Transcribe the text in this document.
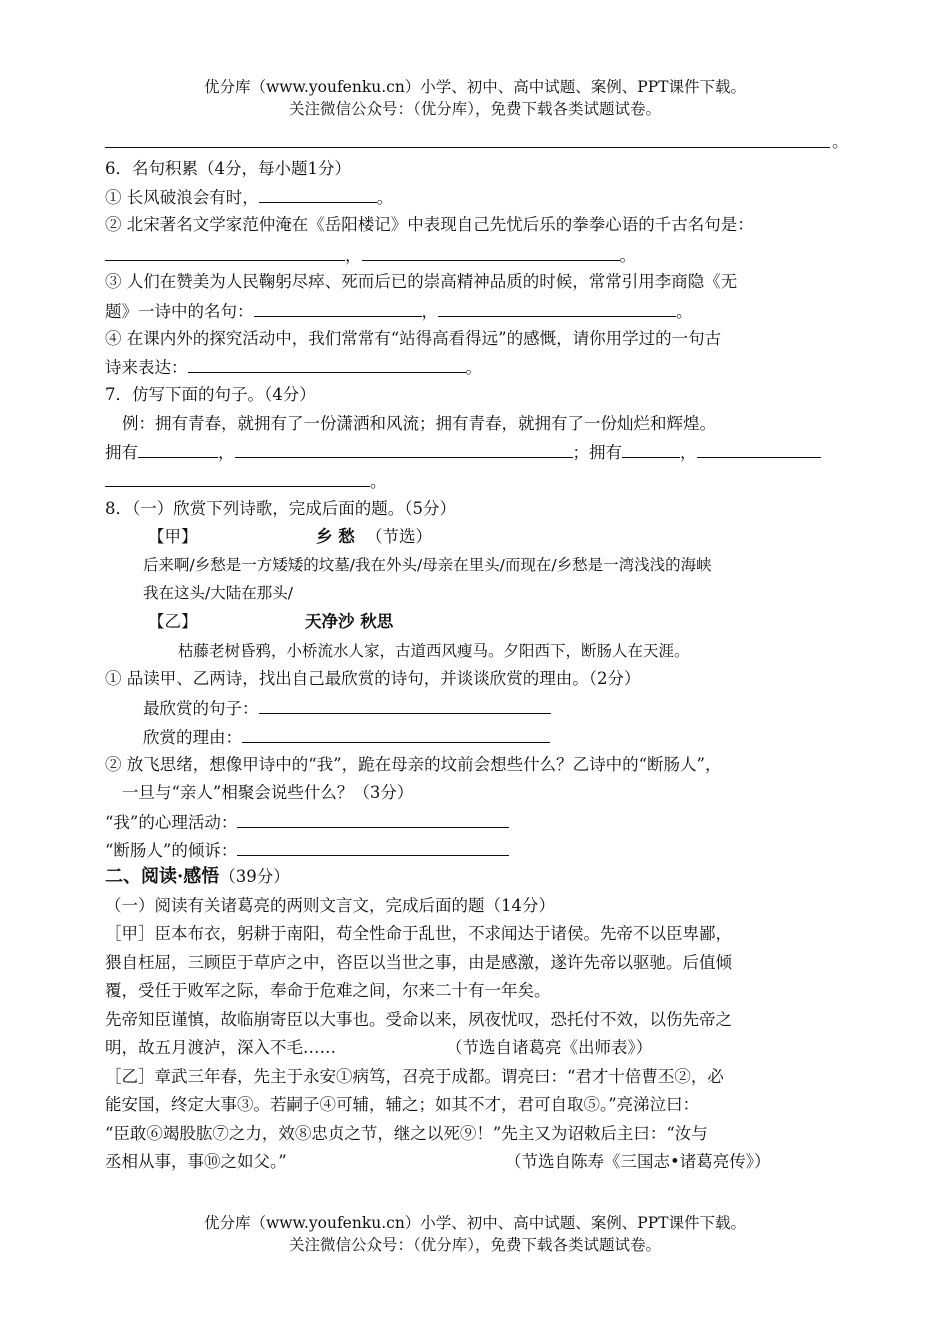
优分库（www.youfenku.cn）小学、初中、高中试题、案例、PPT课件下载。
关注微信公众号：（优分库），免费下载各类试题试卷。
。
6．名句积累（4分，每小题1分）
① 长风破浪会有时，	。
② 北宋著名文学家范仲淹在《岳阳楼记》中表现自己先忧后乐的拳拳心语的千古名句是：
，	。
③ 人们在赞美为人民鞠躬尽瘁、死而后已的崇高精神品质的时候，常常引用李商隐《无
题》一诗中的名句：	，	。
④ 在课内外的探究活动中，我们常常有“站得高看得远”的感慨，请你用学过的一句古
诗来表达：	。
7．仿写下面的句子。（4分）
例：拥有青春，就拥有了一份潇洒和风流；拥有青春，就拥有了一份灿烂和辉煌。
拥有	，	；拥有	，
。
8．（一）欣赏下列诗歌，完成后面的题。（5分）
【甲】	乡 愁 （节选）
后来啊/乡愁是一方矮矮的坟墓/我在外头/母亲在里头/而现在/乡愁是一湾浅浅的海峡
我在这头/大陆在那头/
【乙】	天净沙 秋思
枯藤老树昏鸦，小桥流水人家，古道西风瘦马。夕阳西下，断肠人在天涯。
① 品读甲、乙两诗，找出自己最欣赏的诗句，并谈谈欣赏的理由。（2分）
最欣赏的句子：
欣赏的理由：
② 放飞思绪，想像甲诗中的“我”，跪在母亲的坟前会想些什么？乙诗中的“断肠人”，
一旦与“亲人”相聚会说些什么？（3分）
“我”的心理活动：
“断肠人”的倾诉：
二、阅读·感悟（39分）
（一）阅读有关诸葛亮的两则文言文，完成后面的题（14分）
［甲］臣本布衣，躬耕于南阳，苟全性命于乱世，不求闻达于诸侯。先帝不以臣卑鄙，
猥自枉屈，三顾臣于草庐之中，咨臣以当世之事，由是感激，遂许先帝以驱驰。后值倾
覆，受任于败军之际，奉命于危难之间，尔来二十有一年矣。
先帝知臣谨慎，故临崩寄臣以大事也。受命以来，夙夜忧叹，恐托付不效，以伤先帝之
明，故五月渡泸，深入不毛……	（节选自诸葛亮《出师表》）
［乙］章武三年春，先主于永安①病笃，召亮于成都。谓亮曰：“君才十倍曹丕②，必
能安国，终定大事③。若嗣子④可辅，辅之；如其不才，君可自取⑤。”亮涕泣曰：
“臣敢⑥竭股肱⑦之力，效⑧忠贞之节，继之以死⑨！”先主又为诏敕后主曰：“汝与
丞相从事，事⑩之如父。”	（节选自陈寿《三国志•诸葛亮传》）
优分库（www.youfenku.cn）小学、初中、高中试题、案例、PPT课件下载。
关注微信公众号：（优分库），免费下载各类试题试卷。
